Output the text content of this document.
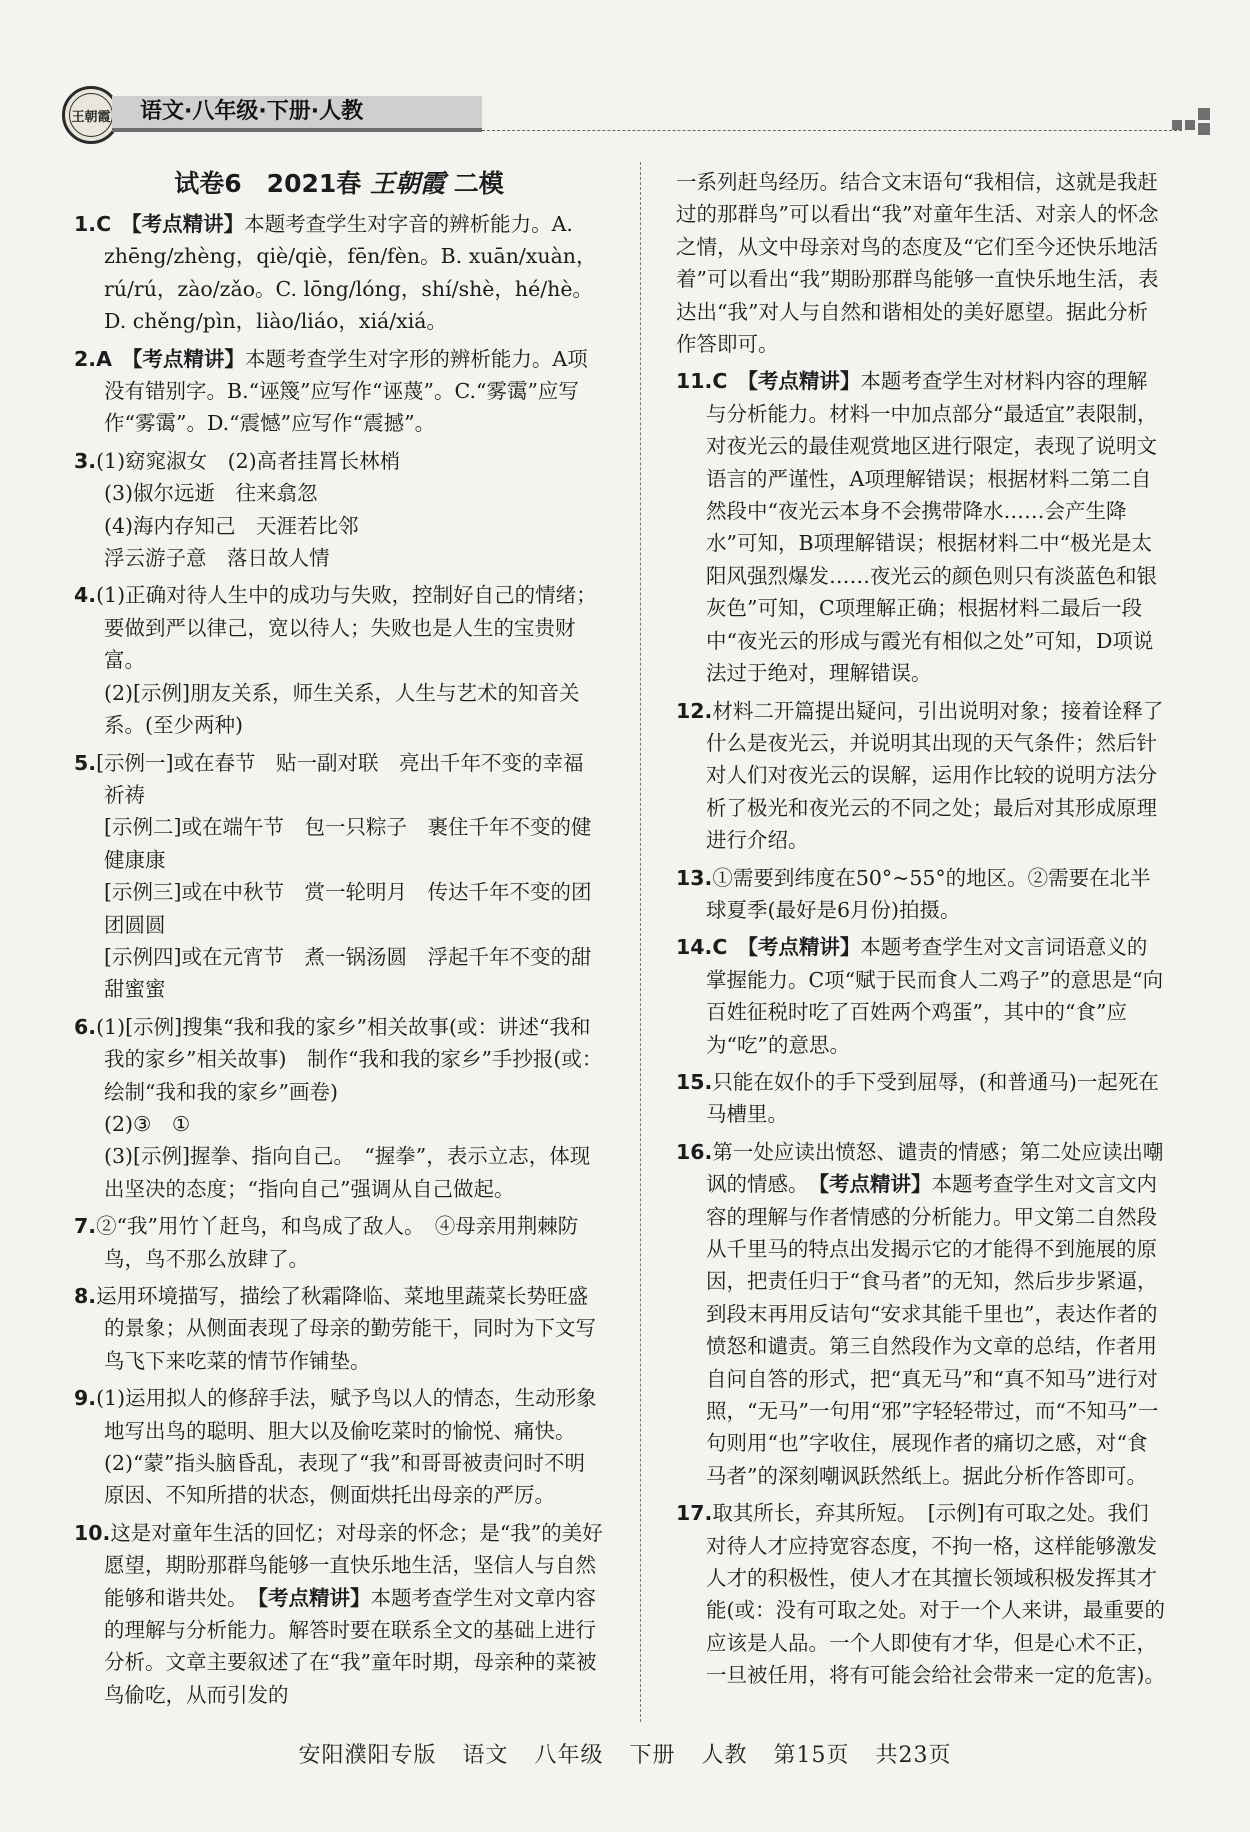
王朝霞	语文·八年级·下册·人教
试卷6　2021春 王朝霞 二模
1.C 【考点精讲】本题考查学生对字音的辨析能力。A. zhēng/zhèng，qiè/qiè，fēn/fèn。B. xuān/xuàn，rú/rú，zào/zǎo。C. lōng/lóng，shí/shè，hé/hè。D. chěng/pìn，liào/liáo，xiá/xiá。
2.A 【考点精讲】本题考查学生对字形的辨析能力。A项没有错别字。B.“诬篾”应写作“诬蔑”。C.“雾霭”应写作“雾霭”。D.“震憾”应写作“震撼”。
3.(1)窈窕淑女　(2)高者挂罥长林梢
(3)俶尔远逝　往来翕忽
(4)海内存知己　天涯若比邻
浮云游子意　落日故人情
4.(1)正确对待人生中的成功与失败，控制好自己的情绪；要做到严以律己，宽以待人；失败也是人生的宝贵财富。
(2)[示例]朋友关系，师生关系，人生与艺术的知音关系。(至少两种)
5.[示例一]或在春节　贴一副对联　亮出千年不变的幸福祈祷
[示例二]或在端午节　包一只粽子　裹住千年不变的健健康康
[示例三]或在中秋节　赏一轮明月　传达千年不变的团团圆圆
[示例四]或在元宵节　煮一锅汤圆　浮起千年不变的甜甜蜜蜜
6.(1)[示例]搜集“我和我的家乡”相关故事(或：讲述“我和我的家乡”相关故事)　制作“我和我的家乡”手抄报(或：绘制“我和我的家乡”画卷)
(2)③　①
(3)[示例]握拳、指向自己。　“握拳”，表示立志，体现出坚决的态度；“指向自己”强调从自己做起。
7.②“我”用竹丫赶鸟，和鸟成了敌人。　④母亲用荆棘防鸟，鸟不那么放肆了。
8.运用环境描写，描绘了秋霜降临、菜地里蔬菜长势旺盛的景象；从侧面表现了母亲的勤劳能干，同时为下文写鸟飞下来吃菜的情节作铺垫。
9.(1)运用拟人的修辞手法，赋予鸟以人的情态，生动形象地写出鸟的聪明、胆大以及偷吃菜时的愉悦、痛快。
(2)“蒙”指头脑昏乱，表现了“我”和哥哥被责问时不明原因、不知所措的状态，侧面烘托出母亲的严厉。
10.这是对童年生活的回忆；对母亲的怀念；是“我”的美好愿望，期盼那群鸟能够一直快乐地生活，坚信人与自然能够和谐共处。　【考点精讲】本题考查学生对文章内容的理解与分析能力。解答时要在联系全文的基础上进行分析。文章主要叙述了在“我”童年时期，母亲种的菜被鸟偷吃，从而引发的

一系列赶鸟经历。结合文末语句“我相信，这就是我赶过的那群鸟”可以看出“我”对童年生活、对亲人的怀念之情，从文中母亲对鸟的态度及“它们至今还快乐地活着”可以看出“我”期盼那群鸟能够一直快乐地生活，表达出“我”对人与自然和谐相处的美好愿望。据此分析作答即可。

11.C 【考点精讲】本题考查学生对材料内容的理解与分析能力。材料一中加点部分“最适宜”表限制，对夜光云的最佳观赏地区进行限定，表现了说明文语言的严谨性，A项理解错误；根据材料二第二自然段中“夜光云本身不会携带降水……会产生降水”可知，B项理解错误；根据材料二中“极光是太阳风强烈爆发……夜光云的颜色则只有淡蓝色和银灰色”可知，C项理解正确；根据材料二最后一段中“夜光云的形成与霞光有相似之处”可知，D项说法过于绝对，理解错误。
12.材料二开篇提出疑问，引出说明对象；接着诠释了什么是夜光云，并说明其出现的天气条件；然后针对人们对夜光云的误解，运用作比较的说明方法分析了极光和夜光云的不同之处；最后对其形成原理进行介绍。
13.①需要到纬度在50°~55°的地区。②需要在北半球夏季(最好是6月份)拍摄。
14.C 【考点精讲】本题考查学生对文言词语意义的掌握能力。C项“赋于民而食人二鸡子”的意思是“向百姓征税时吃了百姓两个鸡蛋”，其中的“食”应为“吃”的意思。
15.只能在奴仆的手下受到屈辱，(和普通马)一起死在马槽里。
16.第一处应读出愤怒、谴责的情感；第二处应读出嘲讽的情感。　【考点精讲】本题考查学生对文言文内容的理解与作者情感的分析能力。甲文第二自然段从千里马的特点出发揭示它的才能得不到施展的原因，把责任归于“食马者”的无知，然后步步紧逼，到段末再用反诘句“安求其能千里也”，表达作者的愤怒和谴责。第三自然段作为文章的总结，作者用自问自答的形式，把“真无马”和“真不知马”进行对照，“无马”一句用“邪”字轻轻带过，而“不知马”一句则用“也”字收住，展现作者的痛切之感，对“食马者”的深刻嘲讽跃然纸上。据此分析作答即可。
17.取其所长，弃其所短。　[示例]有可取之处。我们对待人才应持宽容态度，不拘一格，这样能够激发人才的积极性，使人才在其擅长领域积极发挥其才能(或：没有可取之处。对于一个人来讲，最重要的应该是人品。一个人即使有才华，但是心术不正，一旦被任用，将有可能会给社会带来一定的危害)。
安阳濮阳专版 语文 八年级 下册 人教 第15页 共23页
